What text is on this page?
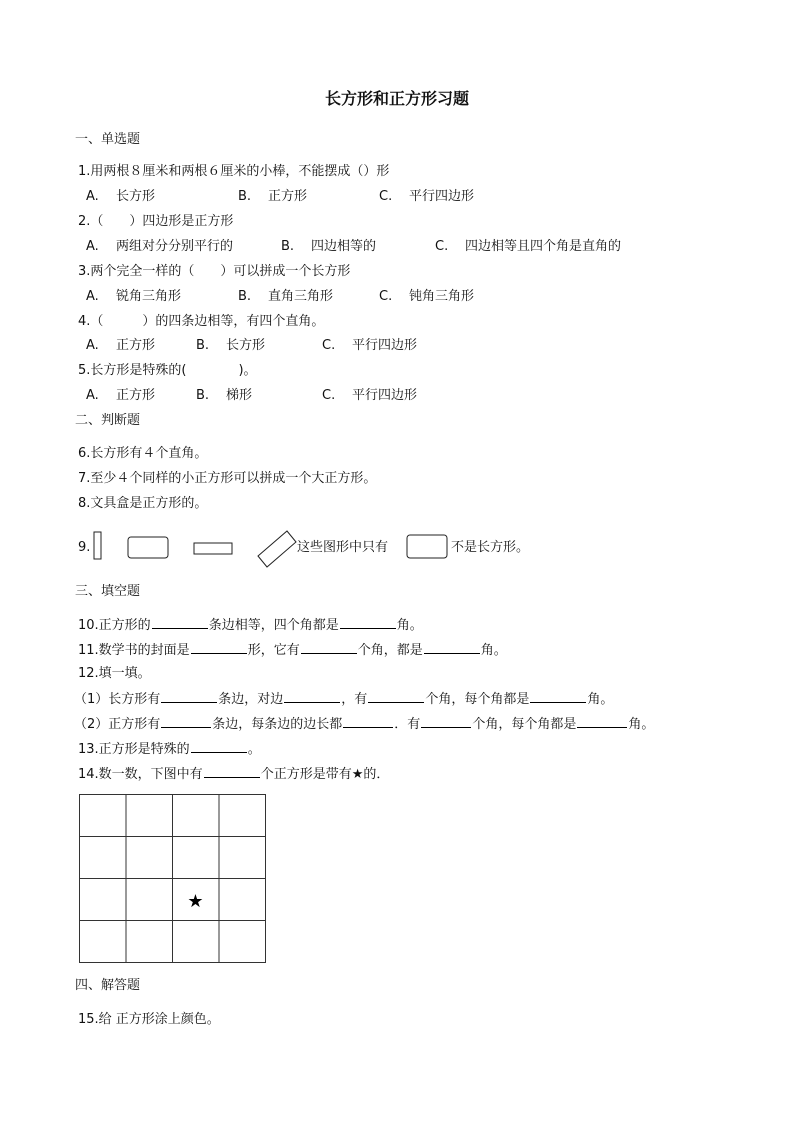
长方形和正方形习题
一、单选题
1.用两根８厘米和两根６厘米的小棒，不能摆成（）形
A. 长方形	B. 正方形	C. 平行四边形
2.（　　）四边形是正方形
A. 两组对分分别平行的	B. 四边相等的	C. 四边相等且四个角是直角的
3.两个完全一样的（　　）可以拼成一个长方形
A. 锐角三角形	B. 直角三角形	C. 钝角三角形
4.（　　　）的四条边相等，有四个直角。
A. 正方形	B. 长方形	C. 平行四边形
5.长方形是特殊的(　　　　)。
A. 正方形	B. 梯形	C. 平行四边形
二、判断题
6.长方形有４个直角。
7.至少４个同样的小正方形可以拼成一个大正方形。
8.文具盒是正方形的。
9.	这些图形中只有	不是长方形。
三、填空题
10.正方形的	条边相等，四个角都是	角。
11.数学书的封面是	形，它有	个角，都是	角。
12.填一填。
（1）长方形有	条边，对边	，有	个角，每个角都是	角。
（2）正方形有	条边，每条边的边长都	．有	个角，每个角都是	角。
13.正方形是特殊的	。
14.数一数，下图中有	个正方形是带有★的．
★
四、解答题
15.给 正方形涂上颜色。
